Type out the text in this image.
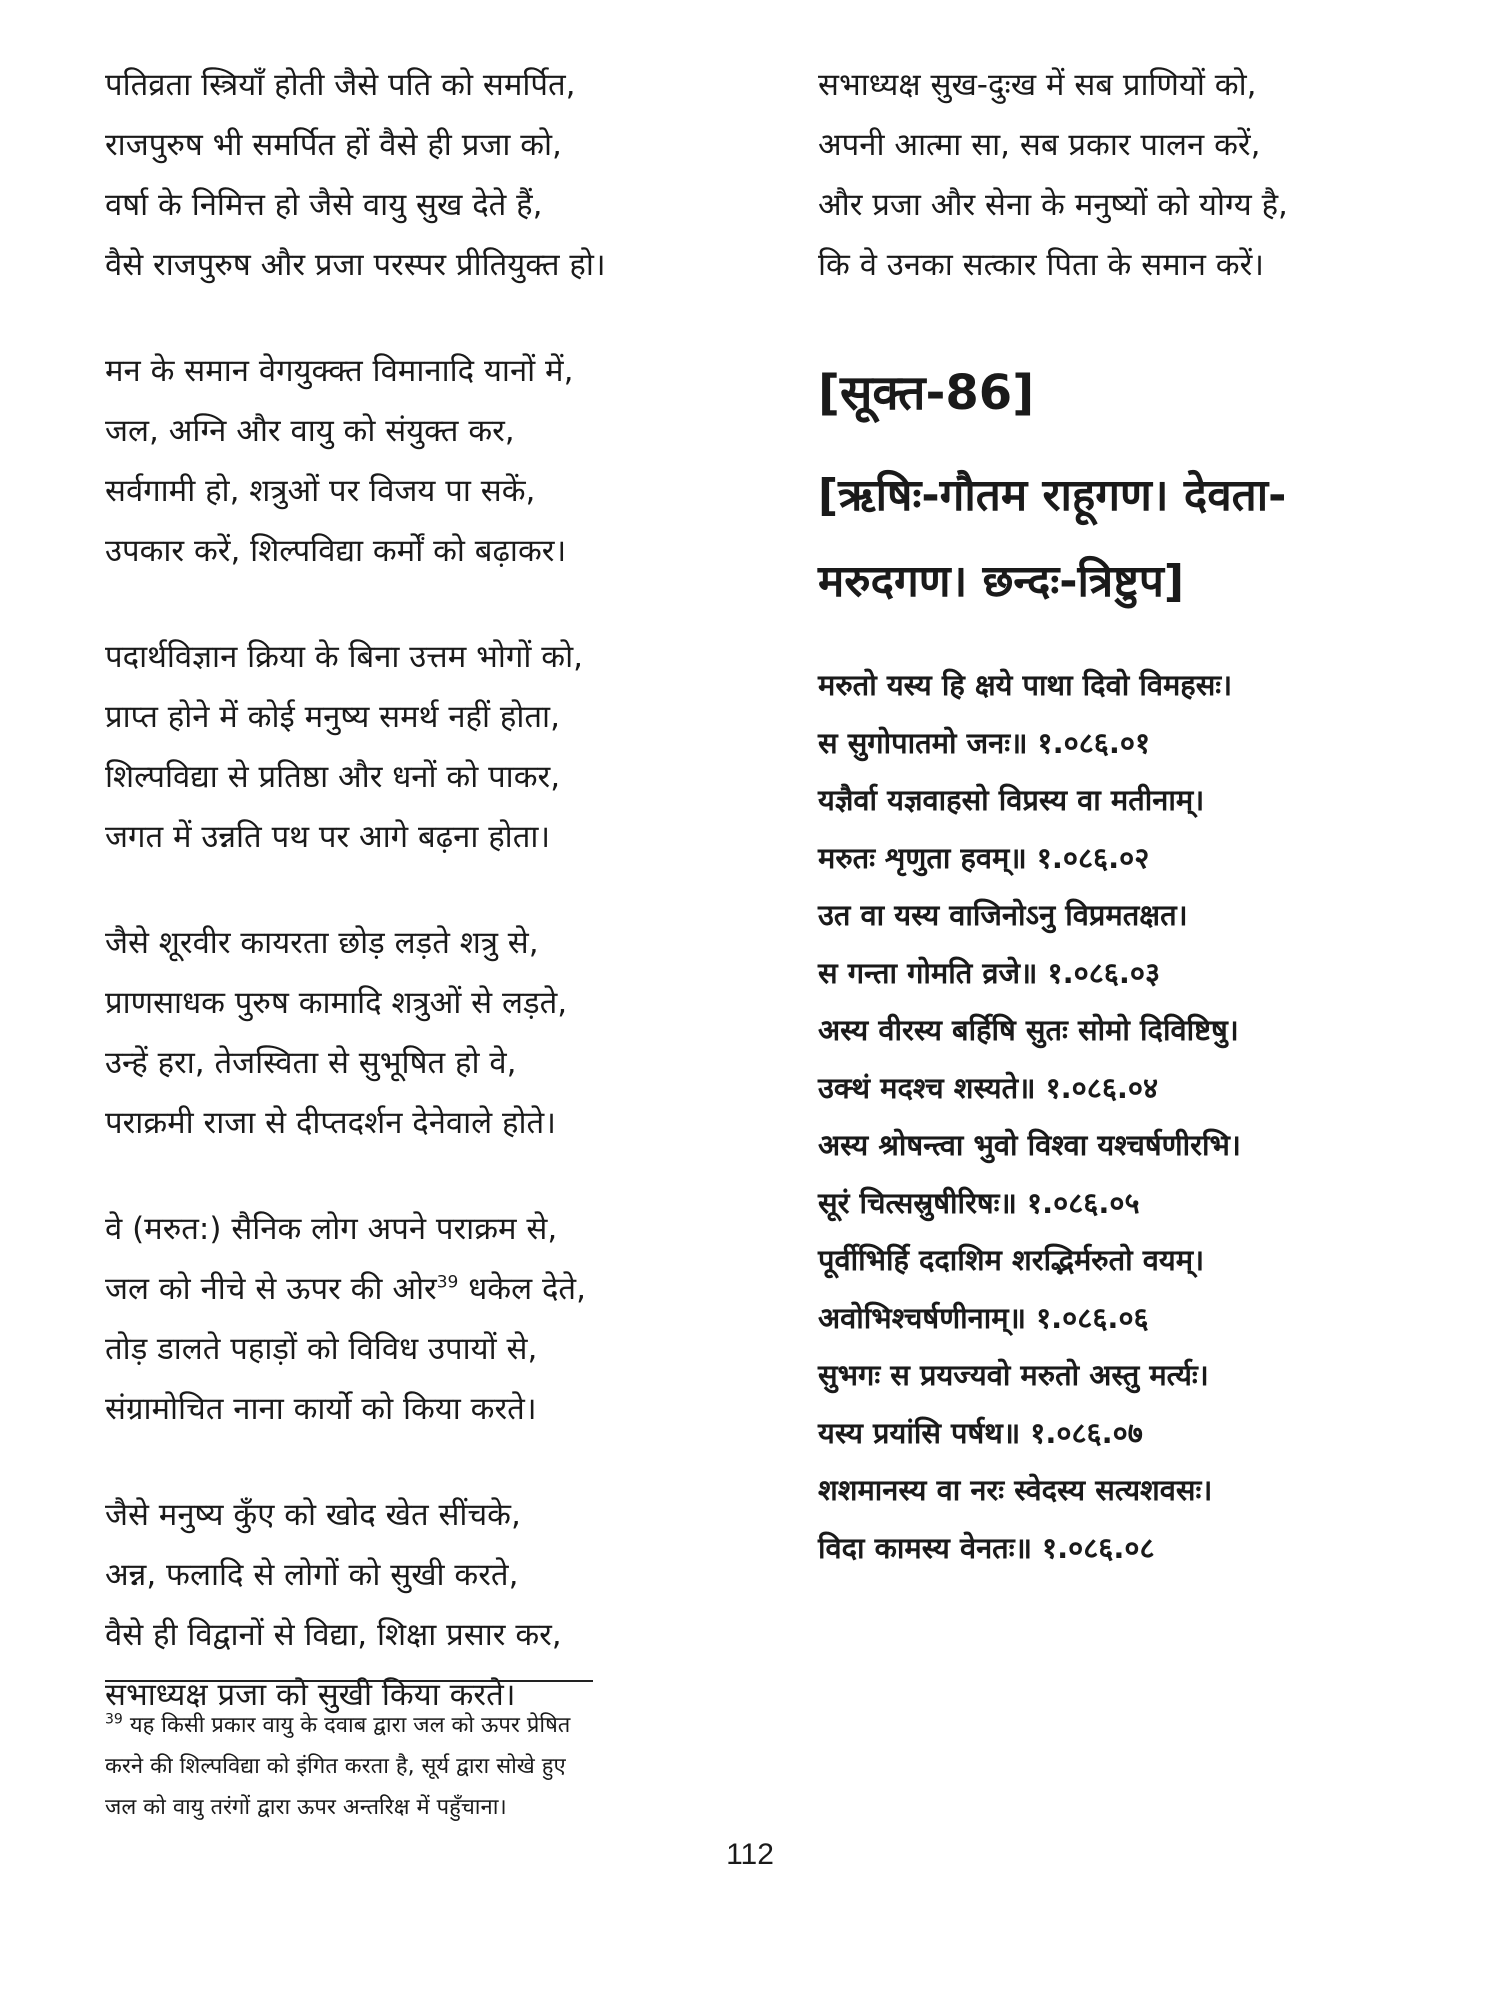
पतिव्रता स्त्रियाँ होती जैसे पति को समर्पित,
राजपुरुष भी समर्पित हों वैसे ही प्रजा को,
वर्षा के निमित्त हो जैसे वायु सुख देते हैं,
वैसे राजपुरुष और प्रजा परस्पर प्रीतियुक्त हो।
मन के समान वेगयुक्क्त विमानादि यानों में,
जल, अग्नि और वायु को संयुक्त कर,
सर्वगामी हो, शत्रुओं पर विजय पा सकें,
उपकार करें, शिल्पविद्या कर्मों को बढ़ाकर।
पदार्थविज्ञान क्रिया के बिना उत्तम भोगों को,
प्राप्त होने में कोई मनुष्य समर्थ नहीं होता,
शिल्पविद्या से प्रतिष्ठा और धनों को पाकर,
जगत में उन्नति पथ पर आगे बढ़ना होता।
जैसे शूरवीर कायरता छोड़ लड़ते शत्रु से,
प्राणसाधक पुरुष कामादि शत्रुओं से लड़ते,
उन्हें हरा, तेजस्विता से सुभूषित हो वे,
पराक्रमी राजा से दीप्तदर्शन देनेवाले होते।
वे (मरुत:) सैनिक लोग अपने पराक्रम से,
जल को नीचे से ऊपर की ओर$^{39}$ धकेल देते,
तोड़ डालते पहाड़ों को विविध उपायों से,
संग्रामोचित नाना कार्यो को किया करते।
जैसे मनुष्य कुँए को खोद खेत सींचके,
अन्न, फलादि से लोगों को सुखी करते,
वैसे ही विद्वानों से विद्या, शिक्षा प्रसार कर,
सभाध्यक्ष प्रजा को सुखी किया करते।
सभाध्यक्ष सुख-दुःख में सब प्राणियों को,
अपनी आत्मा सा, सब प्रकार पालन करें,
और प्रजा और सेना के मनुष्यों को योग्य है,
कि वे उनका सत्कार पिता के समान करें।
[सूक्त-86]
[ऋषिः-गौतम राहूगण। देवता-
मरुदगण। छन्दः-त्रिष्टुप]
मरुतो यस्य हि क्षये पाथा दिवो विमहसः।
स सुगोपातमो जनः॥ १.०८६.०१
यज्ञैर्वा यज्ञवाहसो विप्रस्य वा मतीनाम्।
मरुतः शृणुता हवम्॥ १.०८६.०२
उत वा यस्य वाजिनोऽनु विप्रमतक्षत।
स गन्ता गोमति व्रजे॥ १.०८६.०३
अस्य वीरस्य बर्हिषि सुतः सोमो दिविष्टिषु।
उक्थं मदश्च शस्यते॥ १.०८६.०४
अस्य श्रोषन्त्वा भुवो विश्वा यश्चर्षणीरभि।
सूरं चित्सस्रुषीरिषः॥ १.०८६.०५
पूर्वीभिर्हि ददाशिम शरद्भिर्मरुतो वयम्।
अवोभिश्चर्षणीनाम्॥ १.०८६.०६
सुभगः स प्रयज्यवो मरुतो अस्तु मर्त्यः।
यस्य प्रयांसि पर्षथ॥ १.०८६.०७
शशमानस्य वा नरः स्वेदस्य सत्यशवसः।
विदा कामस्य वेनतः॥ १.०८६.०८
$^{39}$ यह किसी प्रकार वायु के दवाब द्वारा जल को ऊपर प्रेषित
करने की शिल्पविद्या को इंगित करता है, सूर्य द्वारा सोखे हुए
जल को वायु तरंगों द्वारा ऊपर अन्तरिक्ष में पहुँचाना।
112
